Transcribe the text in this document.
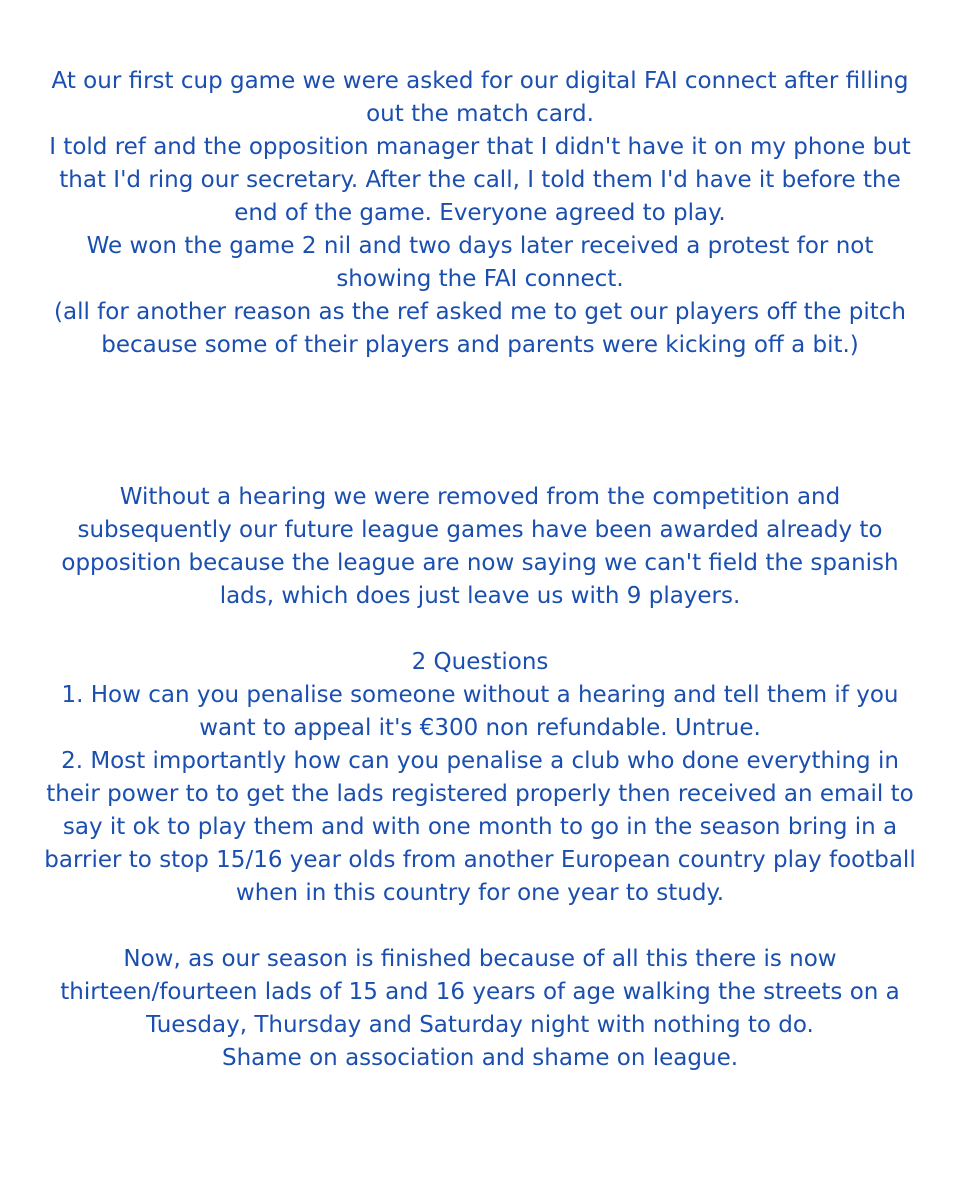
At our first cup game we were asked for our digital FAI connect after filling out the match card.

I told ref and the opposition manager that I didn't have it on my phone but that I'd ring our secretary. After the call, I told them I'd have it before the end of the game. Everyone agreed to play.

We won the game 2 nil and two days later received a protest for not showing the FAI connect.

(all for another reason as the ref asked me to get our players off the pitch because some of their players and parents were kicking off a bit.)

Without a hearing we were removed from the competition and subsequently our future league games have been awarded already to opposition because the league are now saying we can't field the spanish lads, which does just leave us with 9 players.

2 Questions

1. How can you penalise someone without a hearing and tell them if you want to appeal it's €300 non refundable. Untrue.

2. Most importantly how can you penalise a club who done everything in their power to to get the lads registered properly then received an email to say it ok to play them and with one month to go in the season bring in a barrier to stop 15/16 year olds from another European country play football when in this country for one year to study.

Now, as our season is finished because of all this there is now thirteen/fourteen lads of 15 and 16 years of age walking the streets on a Tuesday, Thursday and Saturday night with nothing to do.

Shame on association and shame on league.
